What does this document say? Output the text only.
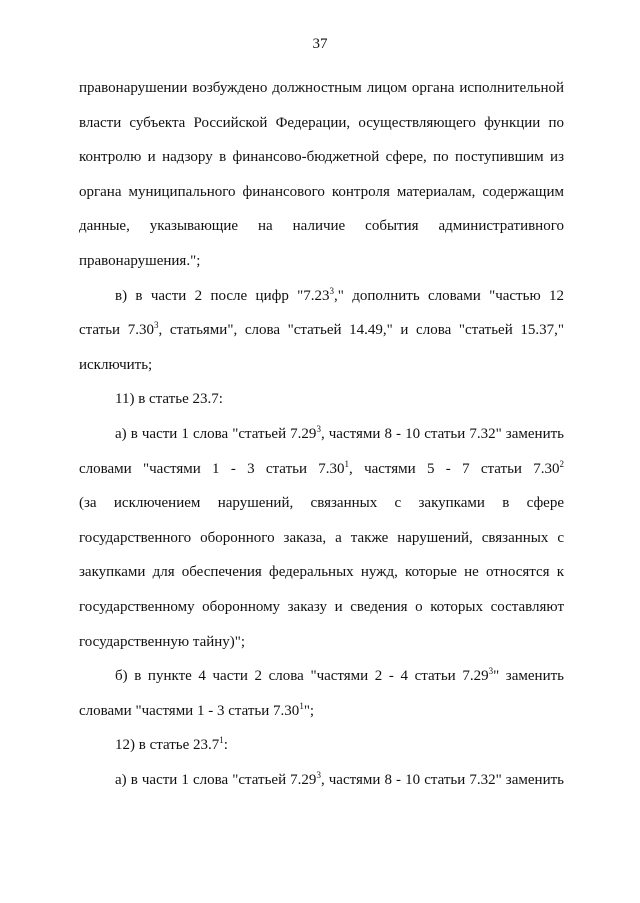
37
правонарушении возбуждено должностным лицом органа исполнительной
власти субъекта Российской Федерации, осуществляющего функции по
контролю и надзору в финансово-бюджетной сфере, по поступившим из
органа муниципального финансового контроля материалам, содержащим
данные, указывающие на наличие события административного
правонарушения.";
в) в части 2 после цифр "7.23$^3$," дополнить словами "частью 12
статьи 7.30$^3$, статьями", слова "статьей 14.49," и слова "статьей 15.37,"
исключить;
11) в статье 23.7:
а) в части 1 слова "статьей 7.29$^3$, частями 8 - 10 статьи 7.32" заменить
словами "частями 1 - 3 статьи 7.30$^1$, частями 5 - 7 статьи 7.30$^2$
(за исключением нарушений, связанных с закупками в сфере
государственного оборонного заказа, а также нарушений, связанных с
закупками для обеспечения федеральных нужд, которые не относятся к
государственному оборонному заказу и сведения о которых составляют
государственную тайну)";
б) в пункте 4 части 2 слова "частями 2 - 4 статьи 7.29$^3$" заменить
словами "частями 1 - 3 статьи 7.30$^1$";
12) в статье 23.7$^1$:
а) в части 1 слова "статьей 7.29$^3$, частями 8 - 10 статьи 7.32" заменить
